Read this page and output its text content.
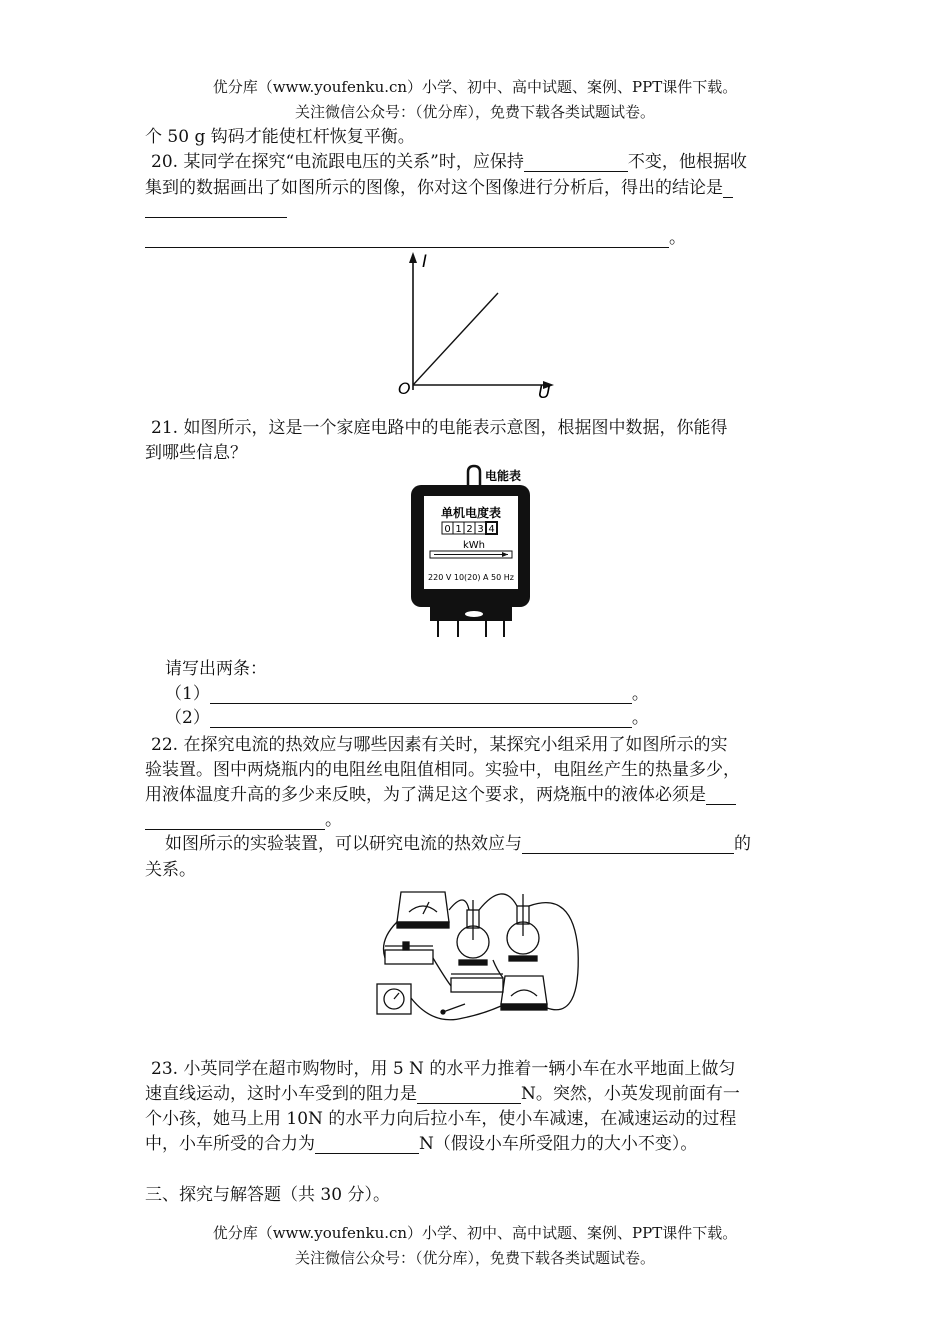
优分库（www.youfenku.cn）小学、初中、高中试题、案例、PPT课件下载。
关注微信公众号：（优分库），免费下载各类试题试卷。
个 50 g 钩码才能使杠杆恢复平衡。
20. 某同学在探究“电流跟电压的关系”时，应保持	不变，他根据收
集到的数据画出了如图所示的图像，你对这个图像进行分析后，得出的结论是
。
I
U
O
21. 如图所示，这是一个家庭电路中的电能表示意图，根据图中数据，你能得
到哪些信息？
电能表
单机电度表
0 1 2 3 4
kWh
220 V 10(20) A 50 Hz
请写出两条：
（1）	。
（2）	。
22. 在探究电流的热效应与哪些因素有关时，某探究小组采用了如图所示的实
验装置。图中两烧瓶内的电阻丝电阻值相同。实验中，电阻丝产生的热量多少，
用液体温度升高的多少来反映，为了满足这个要求，两烧瓶中的液体必须是
。
如图所示的实验装置，可以研究电流的热效应与	的
关系。
23. 小英同学在超市购物时，用 5 N 的水平力推着一辆小车在水平地面上做匀
速直线运动，这时小车受到的阻力是	N。突然，小英发现前面有一
个小孩，她马上用 10N 的水平力向后拉小车，使小车减速，在减速运动的过程
中，小车所受的合力为	N（假设小车所受阻力的大小不变）。
三、探究与解答题（共 30 分）。
优分库（www.youfenku.cn）小学、初中、高中试题、案例、PPT课件下载。
关注微信公众号：（优分库），免费下载各类试题试卷。
